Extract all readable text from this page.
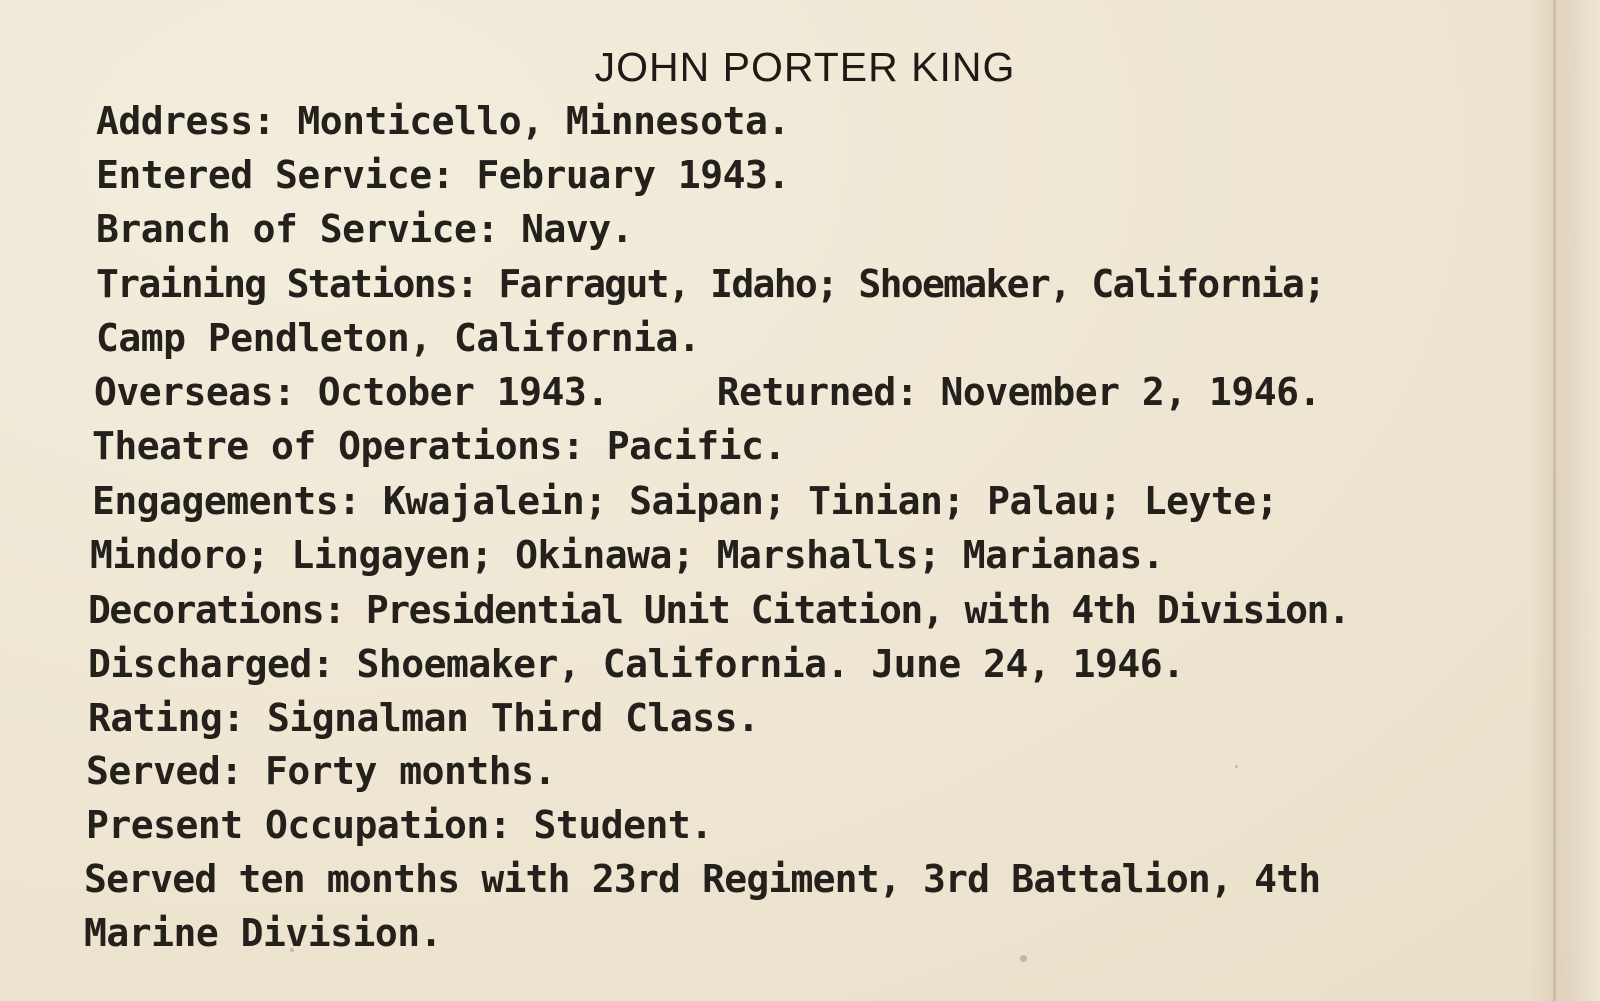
JOHN PORTER KING
Address: Monticello, Minnesota.
Entered Service: February 1943.
Branch of Service: Navy.
Training Stations: Farragut, Idaho; Shoemaker, California;
Camp Pendleton, California.
Overseas: October 1943.	Returned: November 2, 1946.
Theatre of Operations: Pacific.
Engagements: Kwajalein; Saipan; Tinian; Palau; Leyte;
Mindoro; Lingayen; Okinawa; Marshalls; Marianas.
Decorations: Presidential Unit Citation, with 4th Division.
Discharged: Shoemaker, California. June 24, 1946.
Rating: Signalman Third Class.
Served: Forty months.
Present Occupation: Student.
Served ten months with 23rd Regiment, 3rd Battalion, 4th
Marine Division.
